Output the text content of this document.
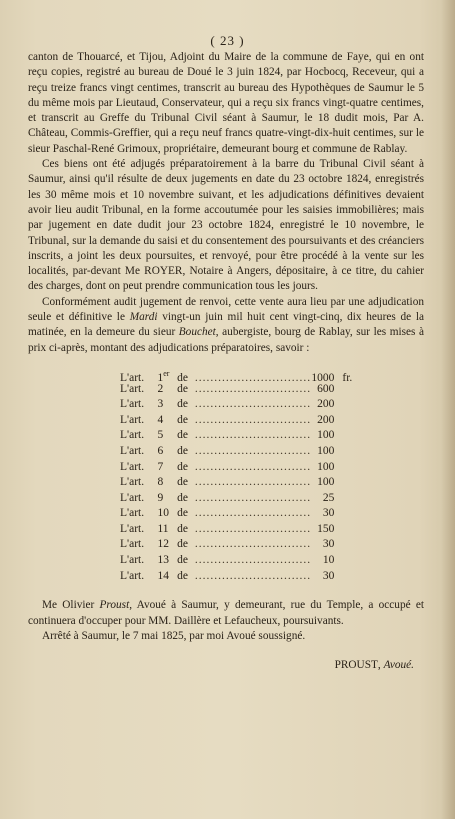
( 23 )

canton de Thouarcé, et Tijou, Adjoint du Maire de la commune de Faye, qui en ont reçu copies, registré au bureau de Doué le 3 juin 1824, par Hocbocq, Receveur, qui a reçu treize francs vingt centimes, transcrit au bureau des Hypothèques de Saumur le 5 du même mois par Lieutaud, Conservateur, qui a reçu six francs vingt-quatre centimes, et transcrit au Greffe du Tribunal Civil séant à Saumur, le 18 dudit mois, Par A. Château, Commis-Greffier, qui a reçu neuf francs quatre-vingt-dix-huit centimes, sur le sieur Paschal-René Grimoux, propriétaire, demeurant bourg et commune de Rablay.

Ces biens ont été adjugés préparatoirement à la barre du Tribunal Civil séant à Saumur, ainsi qu'il résulte de deux jugements en date du 23 octobre 1824, enregistrés les 30 même mois et 10 novembre suivant, et les adjudications définitives devaient avoir lieu audit Tribunal, en la forme accoutumée pour les saisies immobilières; mais par jugement en date dudit jour 23 octobre 1824, enregistré le 10 novembre, le Tribunal, sur la demande du saisi et du consentement des poursuivants et des créanciers inscrits, a joint les deux poursuites, et renvoyé, pour être procédé à la vente sur les localités, par-devant Me ROYER, Notaire à Angers, dépositaire, à ce titre, du cahier des charges, dont on peut prendre communication tous les jours.

Conformément audit jugement de renvoi, cette vente aura lieu par une adjudication seule et définitive le Mardi vingt-un juin mil huit cent vingt-cinq, dix heures de la matinée, en la demeure du sieur Bouchet, aubergiste, bourg de Rablay, sur les mises à prix ci-après, montant des adjudications préparatoires, savoir :

L'art.	1er de .............................. 1000 fr.
L'art.	2	de .............................. 600
L'art.	3	de .............................. 200
L'art.	4	de .............................. 200
L'art.	5	de .............................. 100
L'art.	6	de .............................. 100
L'art.	7	de .............................. 100
L'art.	8	de .............................. 100
L'art.	9	de ..............................	25
L'art.	10 de ..............................	30
L'art.	11 de .............................. 150
L'art.	12 de ..............................	30
L'art.	13 de ..............................	10
L'art.	14 de ..............................	30

Me Olivier Proust, Avoué à Saumur, y demeurant, rue du Temple, a occupé et continuera d'occuper pour MM. Daillère et Lefaucheux, poursuivants.

Arrêté à Saumur, le 7 mai 1825, par moi Avoué soussigné.

PROUST, Avoué.
